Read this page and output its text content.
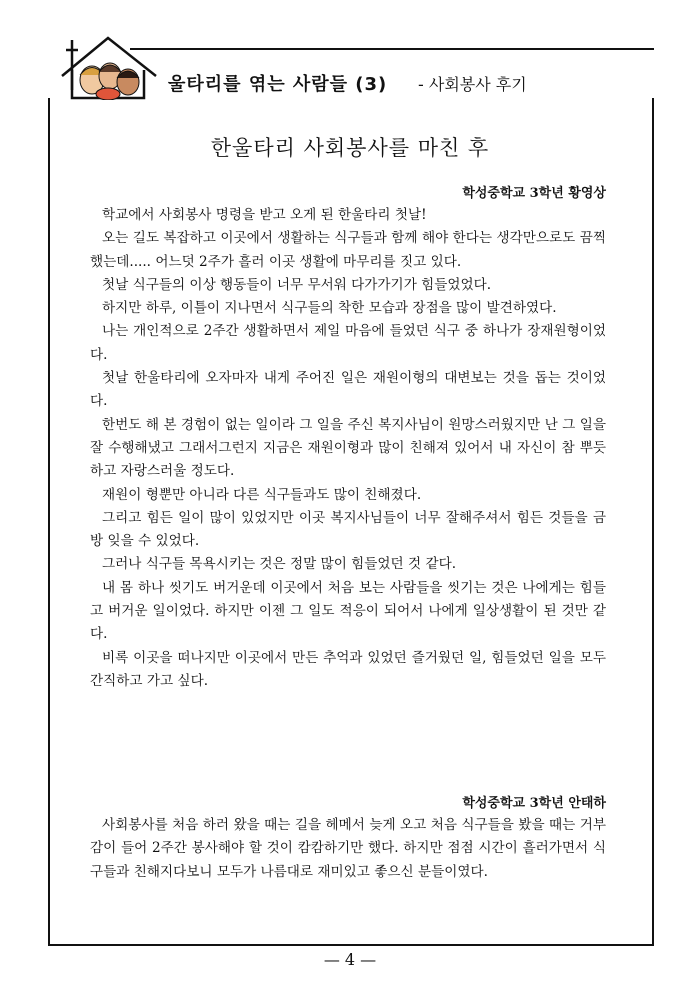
울타리를 엮는 사람들 (3) - 사회봉사 후기
한울타리 사회봉사를 마친 후
학성중학교 3학년 황영상

학교에서 사회봉사 명령을 받고 오게 된 한울타리 첫날!

오는 길도 복잡하고 이곳에서 생활하는 식구들과 함께 해야 한다는 생각만으로도 끔찍했는데..... 어느덧 2주가 흘러 이곳 생활에 마무리를 짓고 있다.

첫날 식구들의 이상 행동들이 너무 무서워 다가가기가 힘들었었다.

하지만 하루, 이틀이 지나면서 식구들의 착한 모습과 장점을 많이 발견하였다.

나는 개인적으로 2주간 생활하면서 제일 마음에 들었던 식구 중 하나가 장재원형이었다.

첫날 한울타리에 오자마자 내게 주어진 일은 재원이형의 대변보는 것을 돕는 것이었다.

한번도 해 본 경험이 없는 일이라 그 일을 주신 복지사님이 원망스러웠지만 난 그 일을 잘 수행해냈고 그래서그런지 지금은 재원이형과 많이 친해져 있어서 내 자신이 참 뿌듯하고 자랑스러울 정도다.

재원이 형뿐만 아니라 다른 식구들과도 많이 친해졌다.

그리고 힘든 일이 많이 있었지만 이곳 복지사님들이 너무 잘해주셔서 힘든 것들을 금방 잊을 수 있었다.

그러나 식구들 목욕시키는 것은 정말 많이 힘들었던 것 같다.

내 몸 하나 씻기도 버거운데 이곳에서 처음 보는 사람들을 씻기는 것은 나에게는 힘들고 버거운 일이었다. 하지만 이젠 그 일도 적응이 되어서 나에게 일상생활이 된 것만 같다.

비록 이곳을 떠나지만 이곳에서 만든 추억과 있었던 즐거웠던 일, 힘들었던 일을 모두 간직하고 가고 싶다.

학성중학교 3학년 안태하

사회봉사를 처음 하러 왔을 때는 길을 헤메서 늦게 오고 처음 식구들을 봤을 때는 거부감이 들어 2주간 봉사해야 할 것이 캄캄하기만 했다. 하지만 점점 시간이 흘러가면서 식구들과 친해지다보니 모두가 나름대로 재미있고 좋으신 분들이였다.

— 4 —
